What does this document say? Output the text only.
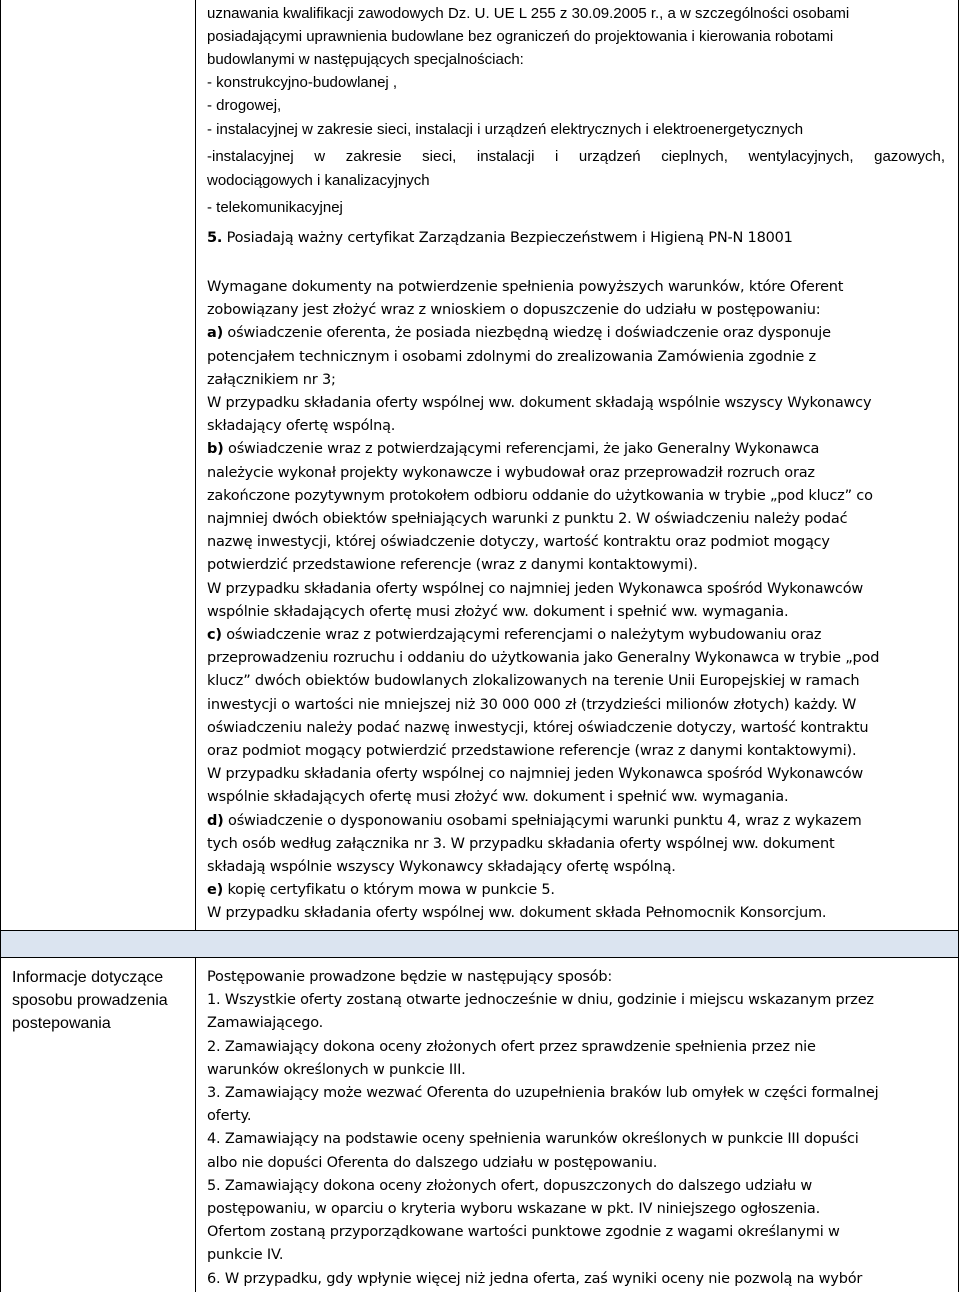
uznawania kwalifikacji zawodowych Dz. U. UE L 255 z 30.09.2005 r., a w szczególności osobami
posiadającymi uprawnienia budowlane bez ograniczeń do projektowania i kierowania robotami
budowlanymi w następujących specjalnościach:
- konstrukcyjno-budowlanej ,
- drogowej,
- instalacyjnej w zakresie sieci, instalacji i urządzeń elektrycznych i elektroenergetycznych
-instalacyjnej w zakresie sieci, instalacji i urządzeń cieplnych, wentylacyjnych, gazowych,
wodociągowych i kanalizacyjnych
- telekomunikacyjnej
5. Posiadają ważny certyfikat Zarządzania Bezpieczeństwem i Higieną PN-N 18001
Wymagane dokumenty na potwierdzenie spełnienia powyższych warunków, które Oferent
zobowiązany jest złożyć wraz z wnioskiem o dopuszczenie do udziału w postępowaniu:
a) oświadczenie oferenta, że posiada niezbędną wiedzę i doświadczenie oraz dysponuje
potencjałem technicznym i osobami zdolnymi do zrealizowania Zamówienia zgodnie z
załącznikiem nr 3;
W przypadku składania oferty wspólnej ww. dokument składają wspólnie wszyscy Wykonawcy
składający ofertę wspólną.
b) oświadczenie wraz z potwierdzającymi referencjami, że jako Generalny Wykonawca
należycie wykonał projekty wykonawcze i wybudował oraz przeprowadził rozruch oraz
zakończone pozytywnym protokołem odbioru oddanie do użytkowania w trybie „pod klucz” co
najmniej dwóch obiektów spełniających warunki z punktu 2. W oświadczeniu należy podać
nazwę inwestycji, której oświadczenie dotyczy, wartość kontraktu oraz podmiot mogący
potwierdzić przedstawione referencje (wraz z danymi kontaktowymi).
W przypadku składania oferty wspólnej co najmniej jeden Wykonawca spośród Wykonawców
wspólnie składających ofertę musi złożyć ww. dokument i spełnić ww. wymagania.
c) oświadczenie wraz z potwierdzającymi referencjami o należytym wybudowaniu oraz
przeprowadzeniu rozruchu i oddaniu do użytkowania jako Generalny Wykonawca w trybie „pod
klucz” dwóch obiektów budowlanych zlokalizowanych na terenie Unii Europejskiej w ramach
inwestycji o wartości nie mniejszej niż 30 000 000 zł (trzydzieści milionów złotych) każdy. W
oświadczeniu należy podać nazwę inwestycji, której oświadczenie dotyczy, wartość kontraktu
oraz podmiot mogący potwierdzić przedstawione referencje (wraz z danymi kontaktowymi).
W przypadku składania oferty wspólnej co najmniej jeden Wykonawca spośród Wykonawców
wspólnie składających ofertę musi złożyć ww. dokument i spełnić ww. wymagania.
d) oświadczenie o dysponowaniu osobami spełniającymi warunki punktu 4, wraz z wykazem
tych osób według załącznika nr 3. W przypadku składania oferty wspólnej ww. dokument
składają wspólnie wszyscy Wykonawcy składający ofertę wspólną.
e) kopię certyfikatu o którym mowa w punkcie 5.
W przypadku składania oferty wspólnej ww. dokument składa Pełnomocnik Konsorcjum.
Informacje dotyczące
sposobu prowadzenia
postepowania
Postępowanie prowadzone będzie w następujący sposób:
1. Wszystkie oferty zostaną otwarte jednocześnie w dniu, godzinie i miejscu wskazanym przez
Zamawiającego.
2. Zamawiający dokona oceny złożonych ofert przez sprawdzenie spełnienia przez nie
warunków określonych w punkcie III.
3. Zamawiający może wezwać Oferenta do uzupełnienia braków lub omyłek w części formalnej
oferty.
4. Zamawiający na podstawie oceny spełnienia warunków określonych w punkcie III dopuści
albo nie dopuści Oferenta do dalszego udziału w postępowaniu.
5. Zamawiający dokona oceny złożonych ofert, dopuszczonych do dalszego udziału w
postępowaniu, w oparciu o kryteria wyboru wskazane w pkt. IV niniejszego ogłoszenia.
Ofertom zostaną przyporządkowane wartości punktowe zgodnie z wagami określanymi w
punkcie IV.
6. W przypadku, gdy wpłynie więcej niż jedna oferta, zaś wyniki oceny nie pozwolą na wybór
